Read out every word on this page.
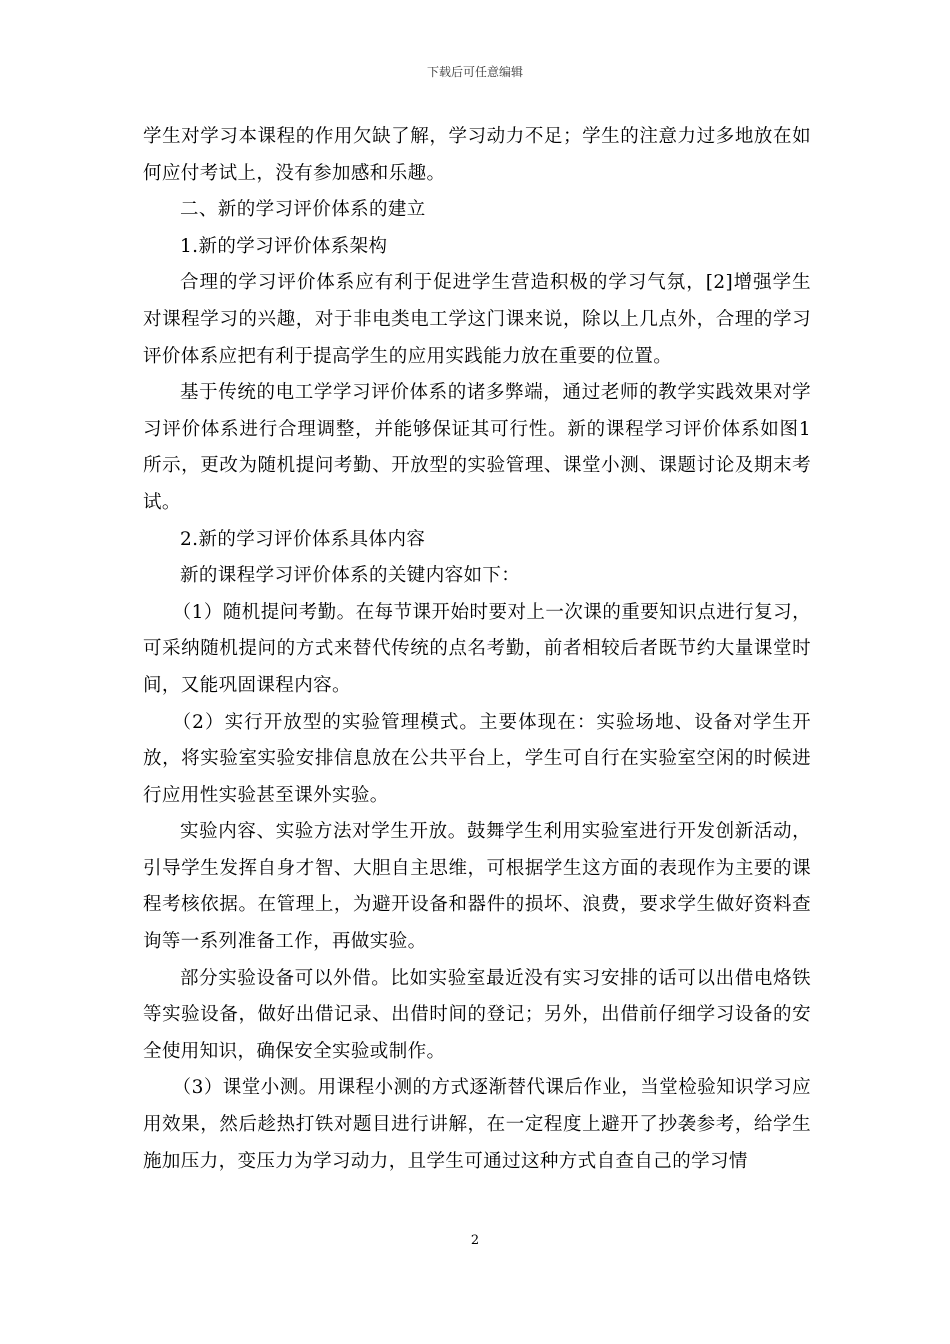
下载后可任意编辑

学生对学习本课程的作用欠缺了解，学习动力不足；学生的注意力过多地放在如何应付考试上，没有参加感和乐趣。

二、新的学习评价体系的建立

1.新的学习评价体系架构

合理的学习评价体系应有利于促进学生营造积极的学习气氛，[2]增强学生对课程学习的兴趣，对于非电类电工学这门课来说，除以上几点外，合理的学习评价体系应把有利于提高学生的应用实践能力放在重要的位置。

基于传统的电工学学习评价体系的诸多弊端，通过老师的教学实践效果对学习评价体系进行合理调整，并能够保证其可行性。新的课程学习评价体系如图1所示，更改为随机提问考勤、开放型的实验管理、课堂小测、课题讨论及期末考试。

2.新的学习评价体系具体内容

新的课程学习评价体系的关键内容如下：

（1）随机提问考勤。在每节课开始时要对上一次课的重要知识点进行复习，可采纳随机提问的方式来替代传统的点名考勤，前者相较后者既节约大量课堂时间，又能巩固课程内容。

（2）实行开放型的实验管理模式。主要体现在：实验场地、设备对学生开放，将实验室实验安排信息放在公共平台上，学生可自行在实验室空闲的时候进行应用性实验甚至课外实验。

实验内容、实验方法对学生开放。鼓舞学生利用实验室进行开发创新活动，引导学生发挥自身才智、大胆自主思维，可根据学生这方面的表现作为主要的课程考核依据。在管理上，为避开设备和器件的损坏、浪费，要求学生做好资料查询等一系列准备工作，再做实验。

部分实验设备可以外借。比如实验室最近没有实习安排的话可以出借电烙铁等实验设备，做好出借记录、出借时间的登记；另外，出借前仔细学习设备的安全使用知识，确保安全实验或制作。

（3）课堂小测。用课程小测的方式逐渐替代课后作业，当堂检验知识学习应用效果，然后趁热打铁对题目进行讲解，在一定程度上避开了抄袭参考，给学生施加压力，变压力为学习动力，且学生可通过这种方式自查自己的学习情

2
